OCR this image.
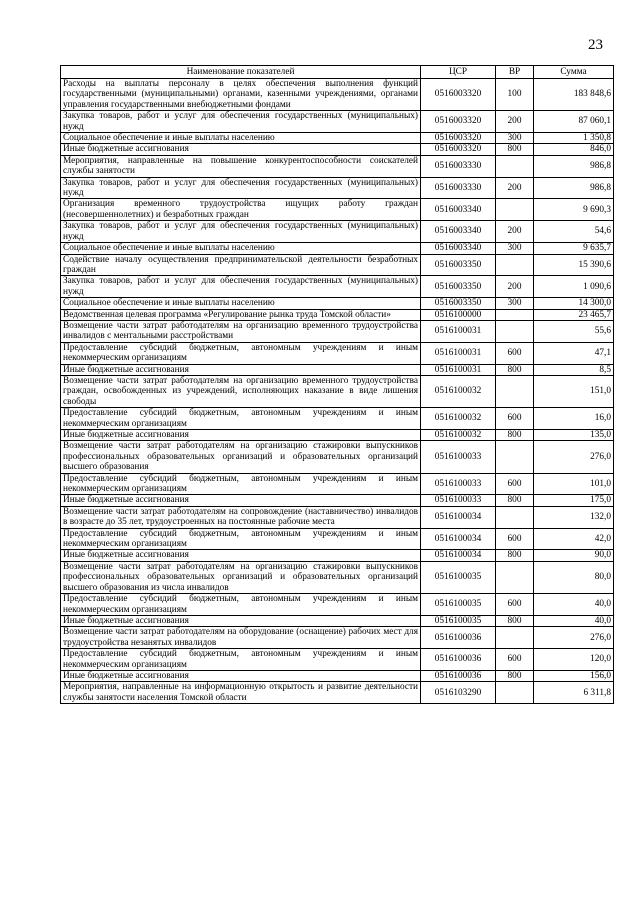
23
Наименование показателей	ЦСР	ВР	Сумма
Расходы на выплаты персоналу в целях обеспечения выполнения функций государственными (муниципальными) органами, казенными учреждениями, органами управления государственными внебюджетными фондами	0516003320	100	183 848,6
Закупка товаров, работ и услуг для обеспечения государственных (муниципальных) нужд	0516003320	200	87 060,1
Социальное обеспечение и иные выплаты населению	0516003320	300	1 350,8
Иные бюджетные ассигнования	0516003320	800	846,0
Мероприятия, направленные на повышение конкурентоспособности соискателей службы занятости	0516003330		986,8
Закупка товаров, работ и услуг для обеспечения государственных (муниципальных) нужд	0516003330	200	986,8
Организация временного трудоустройства ищущих работу граждан (несовершеннолетних) и безработных граждан	0516003340		9 690,3
Закупка товаров, работ и услуг для обеспечения государственных (муниципальных) нужд	0516003340	200	54,6
Социальное обеспечение и иные выплаты населению	0516003340	300	9 635,7
Содействие началу осуществления предпринимательской деятельности безработных граждан	0516003350		15 390,6
Закупка товаров, работ и услуг для обеспечения государственных (муниципальных) нужд	0516003350	200	1 090,6
Социальное обеспечение и иные выплаты населению	0516003350	300	14 300,0
Ведомственная целевая программа «Регулирование рынка труда Томской области»	0516100000		23 465,7
Возмещение части затрат работодателям на организацию временного трудоустройства инвалидов с ментальными расстройствами	0516100031		55,6
Предоставление субсидий бюджетным, автономным учреждениям и иным некоммерческим организациям	0516100031	600	47,1
Иные бюджетные ассигнования	0516100031	800	8,5
Возмещение части затрат работодателям на организацию временного трудоустройства граждан, освобожденных из учреждений, исполняющих наказание в виде лишения свободы	0516100032		151,0
Предоставление субсидий бюджетным, автономным учреждениям и иным некоммерческим организациям	0516100032	600	16,0
Иные бюджетные ассигнования	0516100032	800	135,0
Возмещение части затрат работодателям на организацию стажировки выпускников профессиональных образовательных организаций и образовательных организаций высшего образования	0516100033		276,0
Предоставление субсидий бюджетным, автономным учреждениям и иным некоммерческим организациям	0516100033	600	101,0
Иные бюджетные ассигнования	0516100033	800	175,0
Возмещение части затрат работодателям на сопровождение (наставничество) инвалидов в возрасте до 35 лет, трудоустроенных на постоянные рабочие места	0516100034		132,0
Предоставление субсидий бюджетным, автономным учреждениям и иным некоммерческим организациям	0516100034	600	42,0
Иные бюджетные ассигнования	0516100034	800	90,0
Возмещение части затрат работодателям на организацию стажировки выпускников профессиональных образовательных организаций и образовательных организаций высшего образования из числа инвалидов	0516100035		80,0
Предоставление субсидий бюджетным, автономным учреждениям и иным некоммерческим организациям	0516100035	600	40,0
Иные бюджетные ассигнования	0516100035	800	40,0
Возмещение части затрат работодателям на оборудование (оснащение) рабочих мест для трудоустройства незанятых инвалидов	0516100036		276,0
Предоставление субсидий бюджетным, автономным учреждениям и иным некоммерческим организациям	0516100036	600	120,0
Иные бюджетные ассигнования	0516100036	800	156,0
Мероприятия, направленные на информационную открытость и развитие деятельности службы занятости населения Томской области	0516103290		6 311,8
